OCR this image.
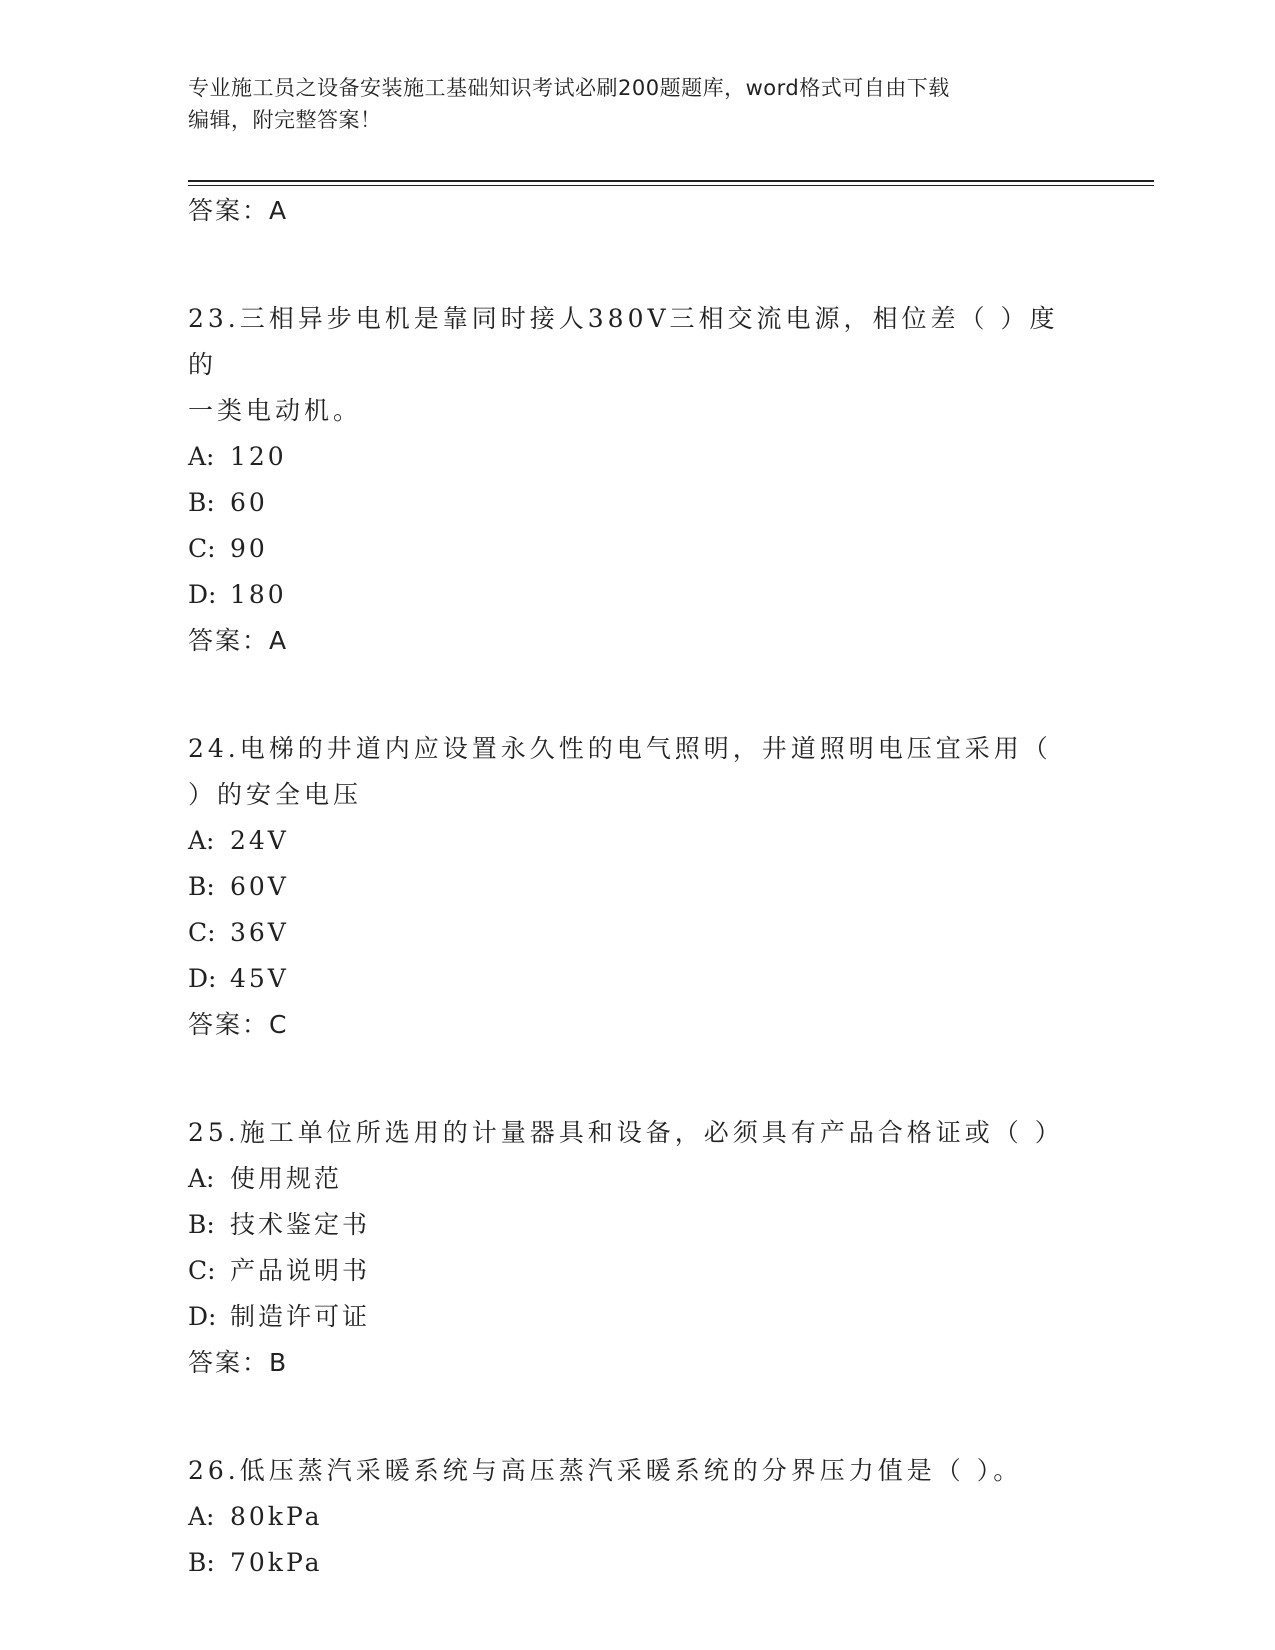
专业施工员之设备安装施工基础知识考试必刷200题题库，word格式可自由下载
编辑，附完整答案！
答案：A
23.三相异步电机是靠同时接人380V三相交流电源，相位差（ ）度的
一类电动机。
A: 120
B: 60
C: 90
D: 180
答案：A
24.电梯的井道内应设置永久性的电气照明，井道照明电压宜采用（
）的安全电压
A: 24V
B: 60V
C: 36V
D: 45V
答案：C
25.施工单位所选用的计量器具和设备，必须具有产品合格证或（ ）
A: 使用规范
B: 技术鉴定书
C: 产品说明书
D: 制造许可证
答案：B
26.低压蒸汽采暖系统与高压蒸汽采暖系统的分界压力值是（ ）。
A: 80kPa
B: 70kPa
